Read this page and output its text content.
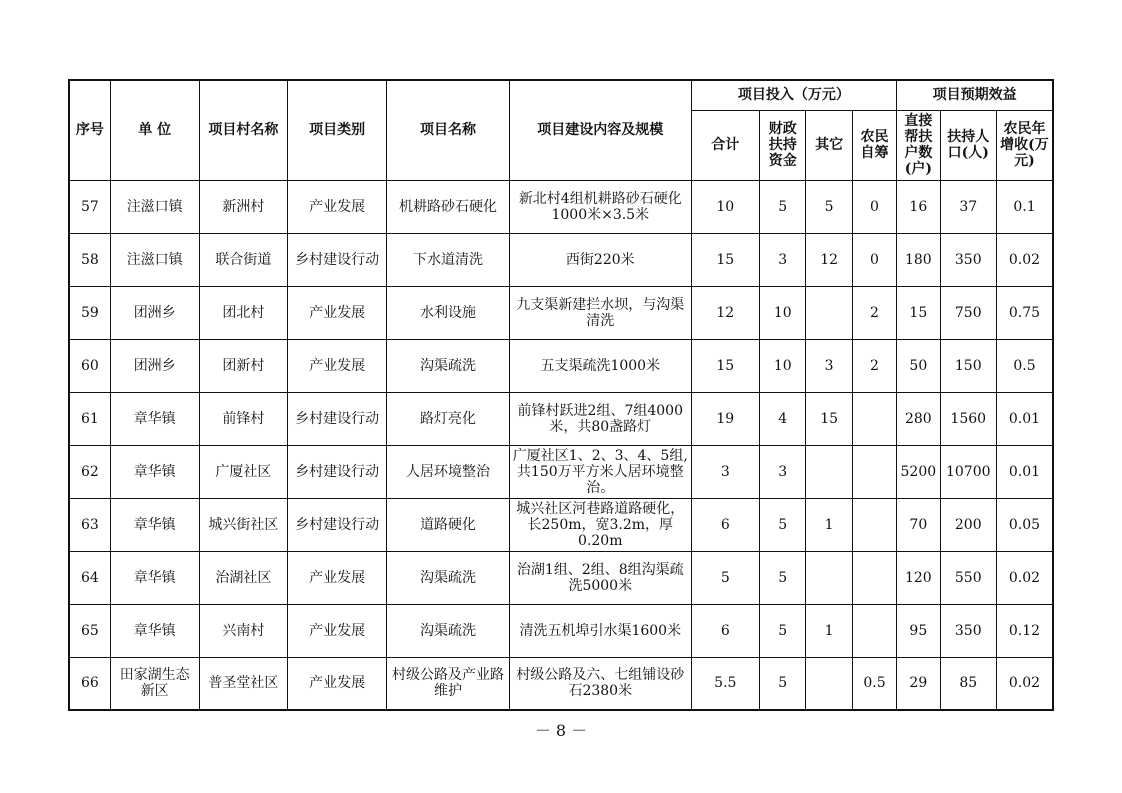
序号	单 位	项目村名称	项目类别	项目名称	项目建设内容及规模	项目投入（万元）				项目预期效益		
						合计	财政扶持资金	其它	农民自筹	直接帮扶户数(户)	扶持人口(人)	农民年增收(万元)
57	注滋口镇	新洲村	产业发展	机耕路砂石硬化	新北村4组机耕路砂石硬化1000米×3.5米	10	5	5	0	16	37	0.1
58	注滋口镇	联合街道	乡村建设行动	下水道清洗	西街220米	15	3	12	0	180	350	0.02
59	团洲乡	团北村	产业发展	水利设施	九支渠新建拦水坝，与沟渠清洗	12	10		2	15	750	0.75
60	团洲乡	团新村	产业发展	沟渠疏洗	五支渠疏洗1000米	15	10	3	2	50	150	0.5
61	章华镇	前锋村	乡村建设行动	路灯亮化	前锋村跃进2组、7组4000米，共80盏路灯	19	4	15		280	1560	0.01
62	章华镇	广厦社区	乡村建设行动	人居环境整治	广厦社区1、2、3、4、5组,共150万平方米人居环境整治。	3	3			5200	10700	0.01
63	章华镇	城兴街社区	乡村建设行动	道路硬化	城兴社区河巷路道路硬化，长250m，宽3.2m，厚0.20m	6	5	1		70	200	0.05
64	章华镇	治湖社区	产业发展	沟渠疏洗	治湖1组、2组、8组沟渠疏洗5000米	5	5			120	550	0.02
65	章华镇	兴南村	产业发展	沟渠疏洗	清洗五机埠引水渠1600米	6	5	1		95	350	0.12
66	田家湖生态新区	普圣堂社区	产业发展	村级公路及产业路维护	村级公路及六、七组铺设砂石2380米	5.5	5		0.5	29	85	0.02
－ 8 －
